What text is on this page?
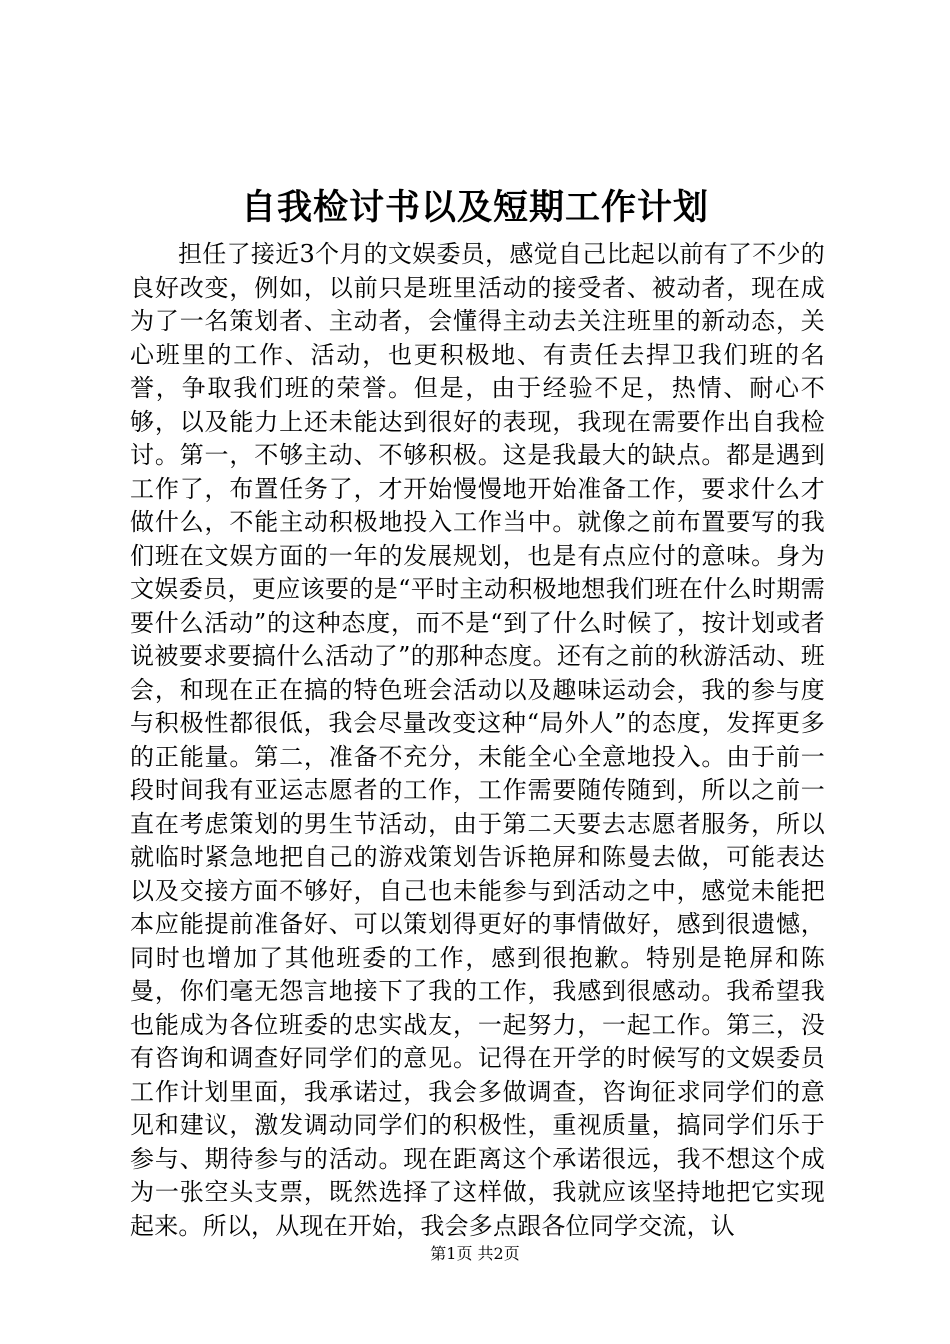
自我检讨书以及短期工作计划

担任了接近3个月的文娱委员，感觉自己比起以前有了不少的良好改变，例如，以前只是班里活动的接受者、被动者，现在成为了一名策划者、主动者，会懂得主动去关注班里的新动态，关心班里的工作、活动，也更积极地、有责任去捍卫我们班的名誉，争取我们班的荣誉。但是，由于经验不足，热情、耐心不够，以及能力上还未能达到很好的表现，我现在需要作出自我检讨。第一，不够主动、不够积极。这是我最大的缺点。都是遇到工作了，布置任务了，才开始慢慢地开始准备工作，要求什么才做什么，不能主动积极地投入工作当中。就像之前布置要写的我们班在文娱方面的一年的发展规划，也是有点应付的意味。身为文娱委员，更应该要的是“平时主动积极地想我们班在什么时期需要什么活动”的这种态度，而不是“到了什么时候了，按计划或者说被要求要搞什么活动了”的那种态度。还有之前的秋游活动、班会，和现在正在搞的特色班会活动以及趣味运动会，我的参与度与积极性都很低，我会尽量改变这种“局外人”的态度，发挥更多的正能量。第二，准备不充分，未能全心全意地投入。由于前一段时间我有亚运志愿者的工作，工作需要随传随到，所以之前一直在考虑策划的男生节活动，由于第二天要去志愿者服务，所以就临时紧急地把自己的游戏策划告诉艳屏和陈曼去做，可能表达以及交接方面不够好，自己也未能参与到活动之中，感觉未能把本应能提前准备好、可以策划得更好的事情做好，感到很遗憾，同时也增加了其他班委的工作，感到很抱歉。特别是艳屏和陈曼，你们毫无怨言地接下了我的工作，我感到很感动。我希望我也能成为各位班委的忠实战友，一起努力，一起工作。第三，没有咨询和调查好同学们的意见。记得在开学的时候写的文娱委员工作计划里面，我承诺过，我会多做调查，咨询征求同学们的意见和建议，激发调动同学们的积极性，重视质量，搞同学们乐于参与、期待参与的活动。现在距离这个承诺很远，我不想这个成为一张空头支票，既然选择了这样做，我就应该坚持地把它实现起来。所以，从现在开始，我会多点跟各位同学交流，认

第1页 共2页
